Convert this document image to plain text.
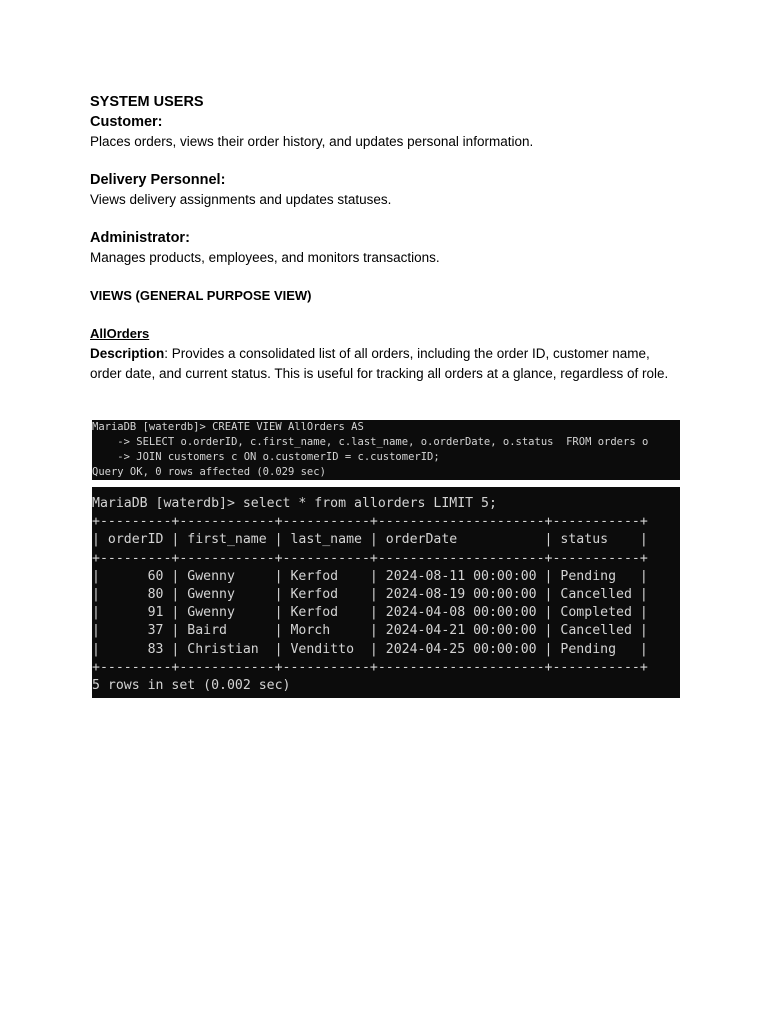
SYSTEM USERS

Customer:

Places orders, views their order history, and updates personal information.

Delivery Personnel:

Views delivery assignments and updates statuses.

Administrator:

Manages products, employees, and monitors transactions.

VIEWS (GENERAL PURPOSE VIEW)

AllOrders

Description: Provides a consolidated list of all orders, including the order ID, customer name, order date, and current status. This is useful for tracking all orders at a glance, regardless of role.

MariaDB [waterdb]> CREATE VIEW AllOrders AS
-> SELECT o.orderID, c.first_name, c.last_name, o.orderDate, o.status  FROM orders o
-> JOIN customers c ON o.customerID = c.customerID;
Query OK, 0 rows affected (0.029 sec)
MariaDB [waterdb]> select * from allorders LIMIT 5;
+---------+------------+-----------+---------------------+-----------+
| orderID | first_name | last_name | orderDate           | status    |
+---------+------------+-----------+---------------------+-----------+
|      60 | Gwenny     | Kerfod    | 2024-08-11 00:00:00 | Pending   |
|      80 | Gwenny     | Kerfod    | 2024-08-19 00:00:00 | Cancelled |
|      91 | Gwenny     | Kerfod    | 2024-04-08 00:00:00 | Completed |
|      37 | Baird      | Morch     | 2024-04-21 00:00:00 | Cancelled |
|      83 | Christian  | Venditto  | 2024-04-25 00:00:00 | Pending   |
+---------+------------+-----------+---------------------+-----------+
5 rows in set (0.002 sec)
